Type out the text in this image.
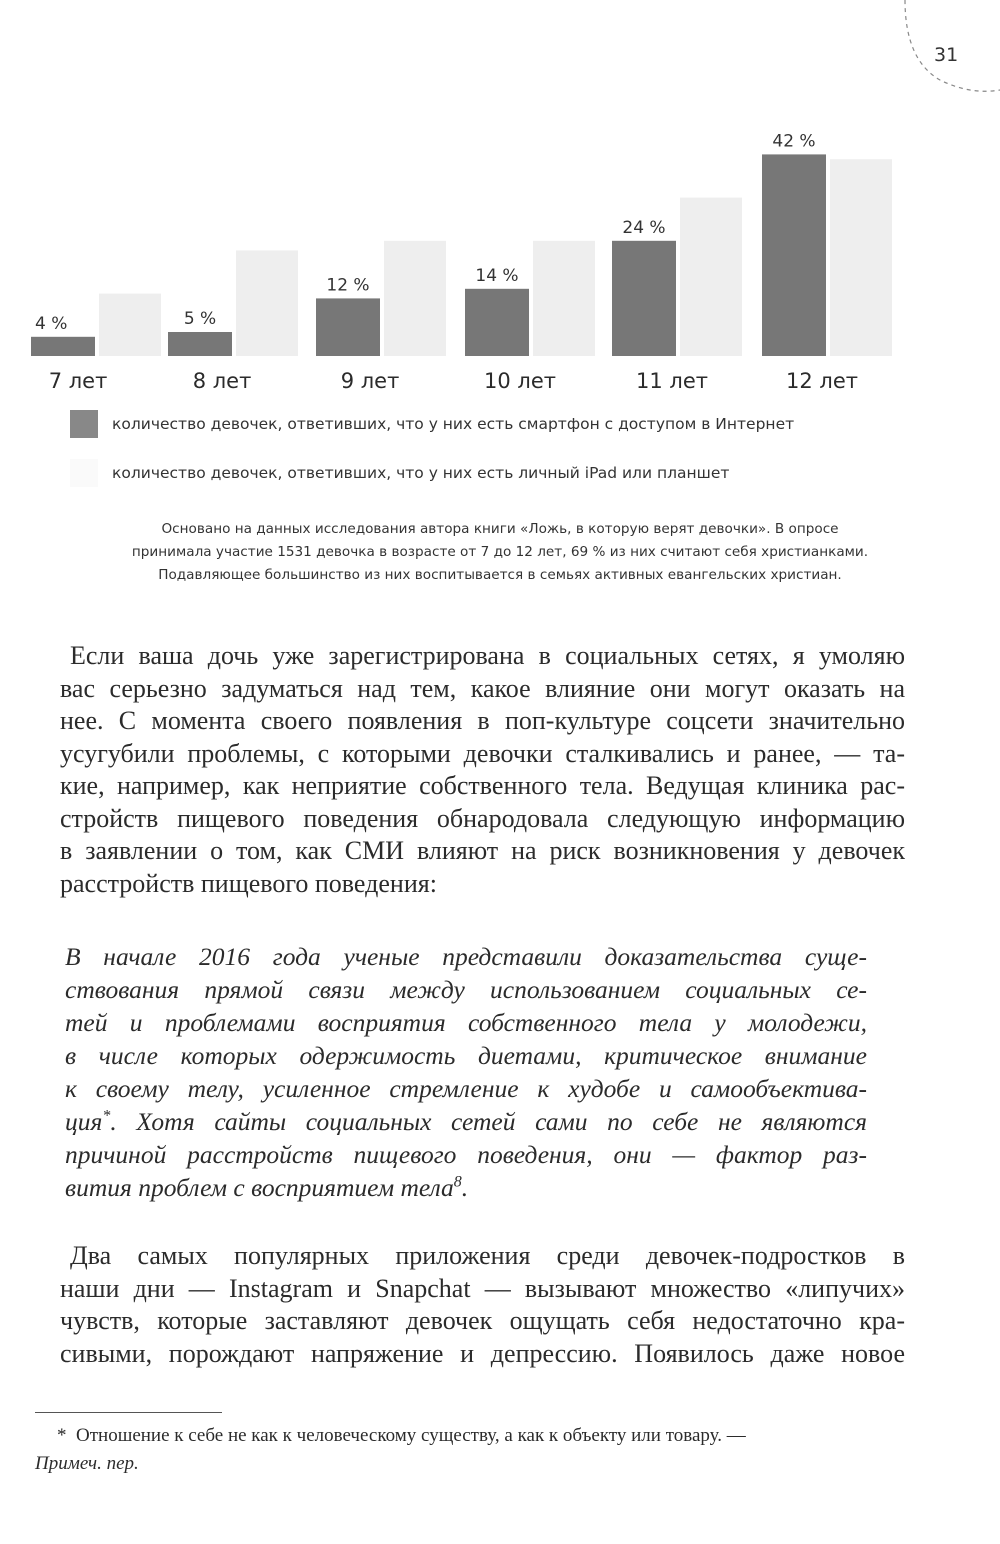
31
4 %	5 %
12 %	14 %
24 %
42 %
7 лет	8 лет	9 лет	10 лет	11 лет	12 лет
количество девочек, ответивших, что у них есть смартфон с доступом в Интернет
количество девочек, ответивших, что у них есть личный iPad или планшет
Основано на данных исследования автора книги «Ложь, в которую верят девочки». В опросе
принимала участие 1531 девочка в возрасте от 7 до 12 лет, 69 % из них считают себя христианками.
Подавляющее большинство из них воспитывается в семьях активных евангельских христиан.
Если ваша дочь уже зарегистрирована в социальных сетях, я умоляю
вас серьезно задуматься над тем, какое влияние они могут оказать на
нее. С момента своего появления в поп-культуре соцсети значительно
усугубили проблемы, с которыми девочки сталкивались и ранее, — та-
кие, например, как неприятие собственного тела. Ведущая клиника рас-
стройств пищевого поведения обнародовала следующую информацию
в заявлении о том, как СМИ влияют на риск возникновения у девочек
расстройств пищевого поведения:
В начале 2016 года ученые представили доказательства суще-
ствования прямой связи между использованием социальных се-
тей и проблемами восприятия собственного тела у молодежи,
в числе которых одержимость диетами, критическое внимание
к своему телу, усиленное стремление к худобе и самообъектива-
ция*. Хотя сайты социальных сетей сами по себе не являются
причиной расстройств пищевого поведения, они — фактор раз-
вития проблем с восприятием тела$^8$.
Два самых популярных приложения среди девочек-подростков в
наши дни — Instagram и Snapchat — вызывают множество «липучих»
чувств, которые заставляют девочек ощущать себя недостаточно кра-
сивыми, порождают напряжение и депрессию. Появилось даже новое
* Отношение к себе не как к человеческому существу, а как к объекту или товару. —
Примеч. пер.
